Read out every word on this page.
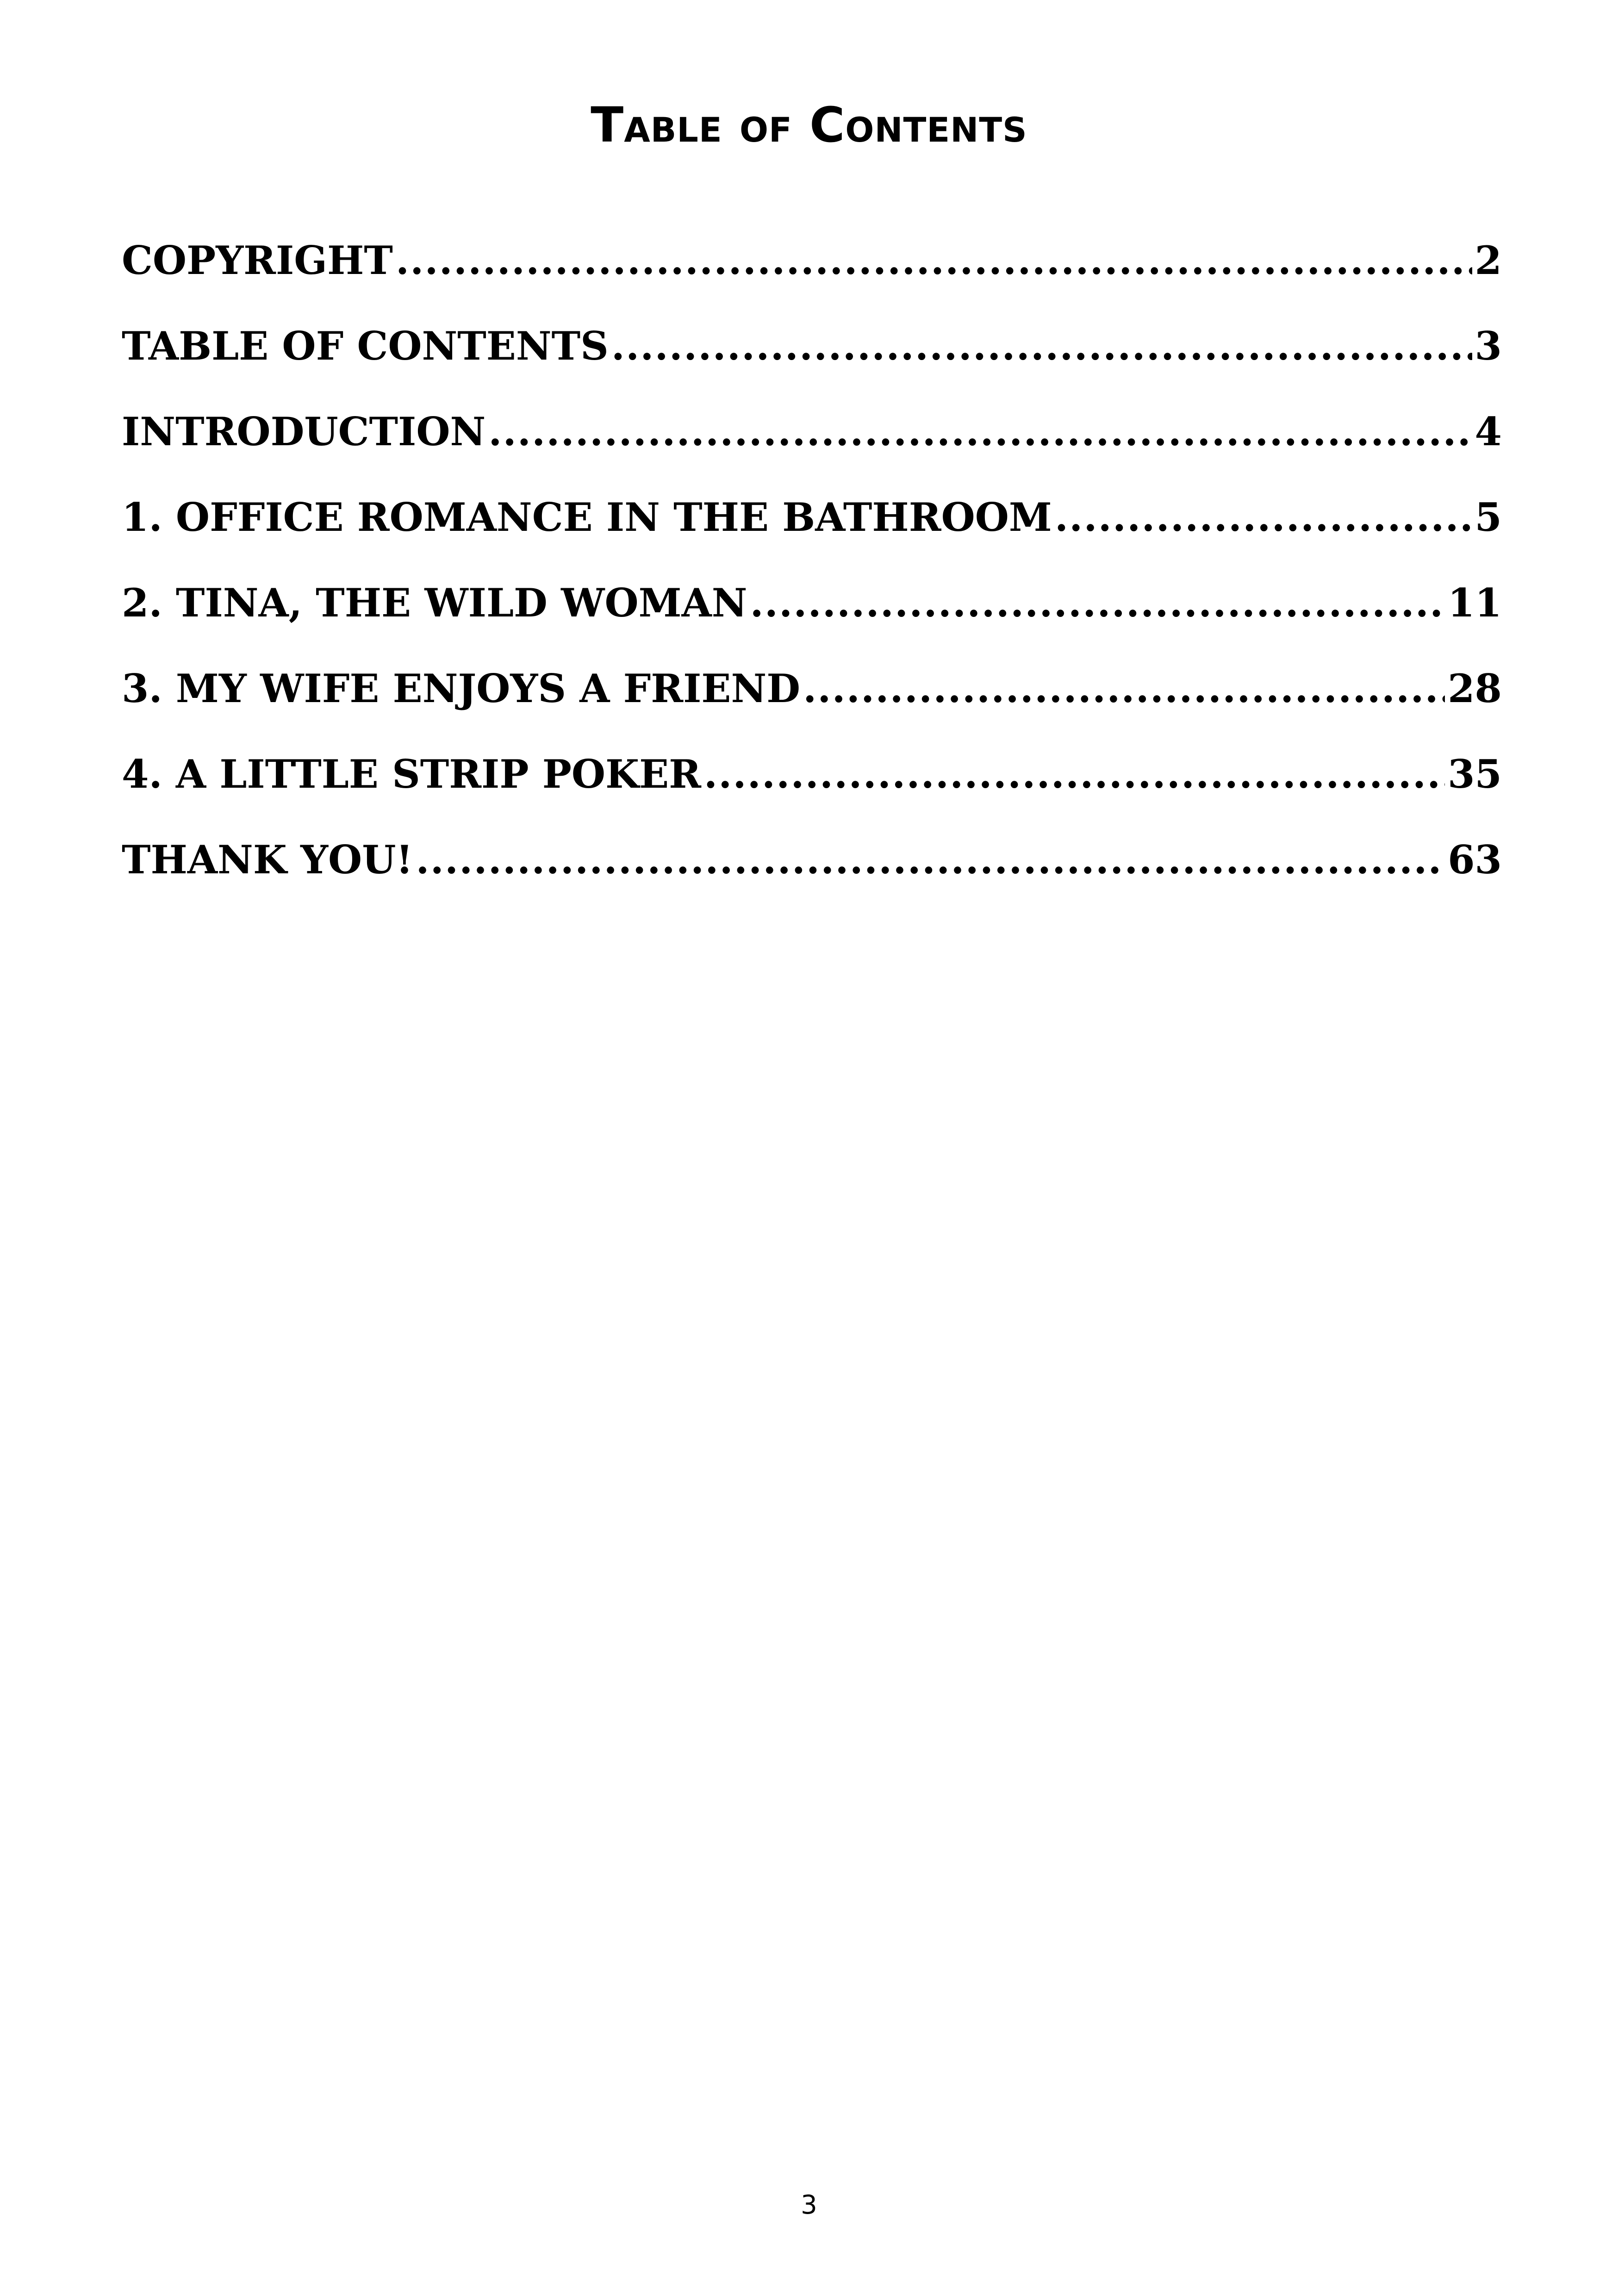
Table of Contents
COPYRIGHT .....	2
TABLE OF CONTENTS .....	3
INTRODUCTION .....	4
1. OFFICE ROMANCE IN THE BATHROOM .....	5
2. TINA, THE WILD WOMAN .....	11
3. MY WIFE ENJOYS A FRIEND .....	28
4. A LITTLE STRIP POKER .....	35
THANK YOU! .....	63
3
